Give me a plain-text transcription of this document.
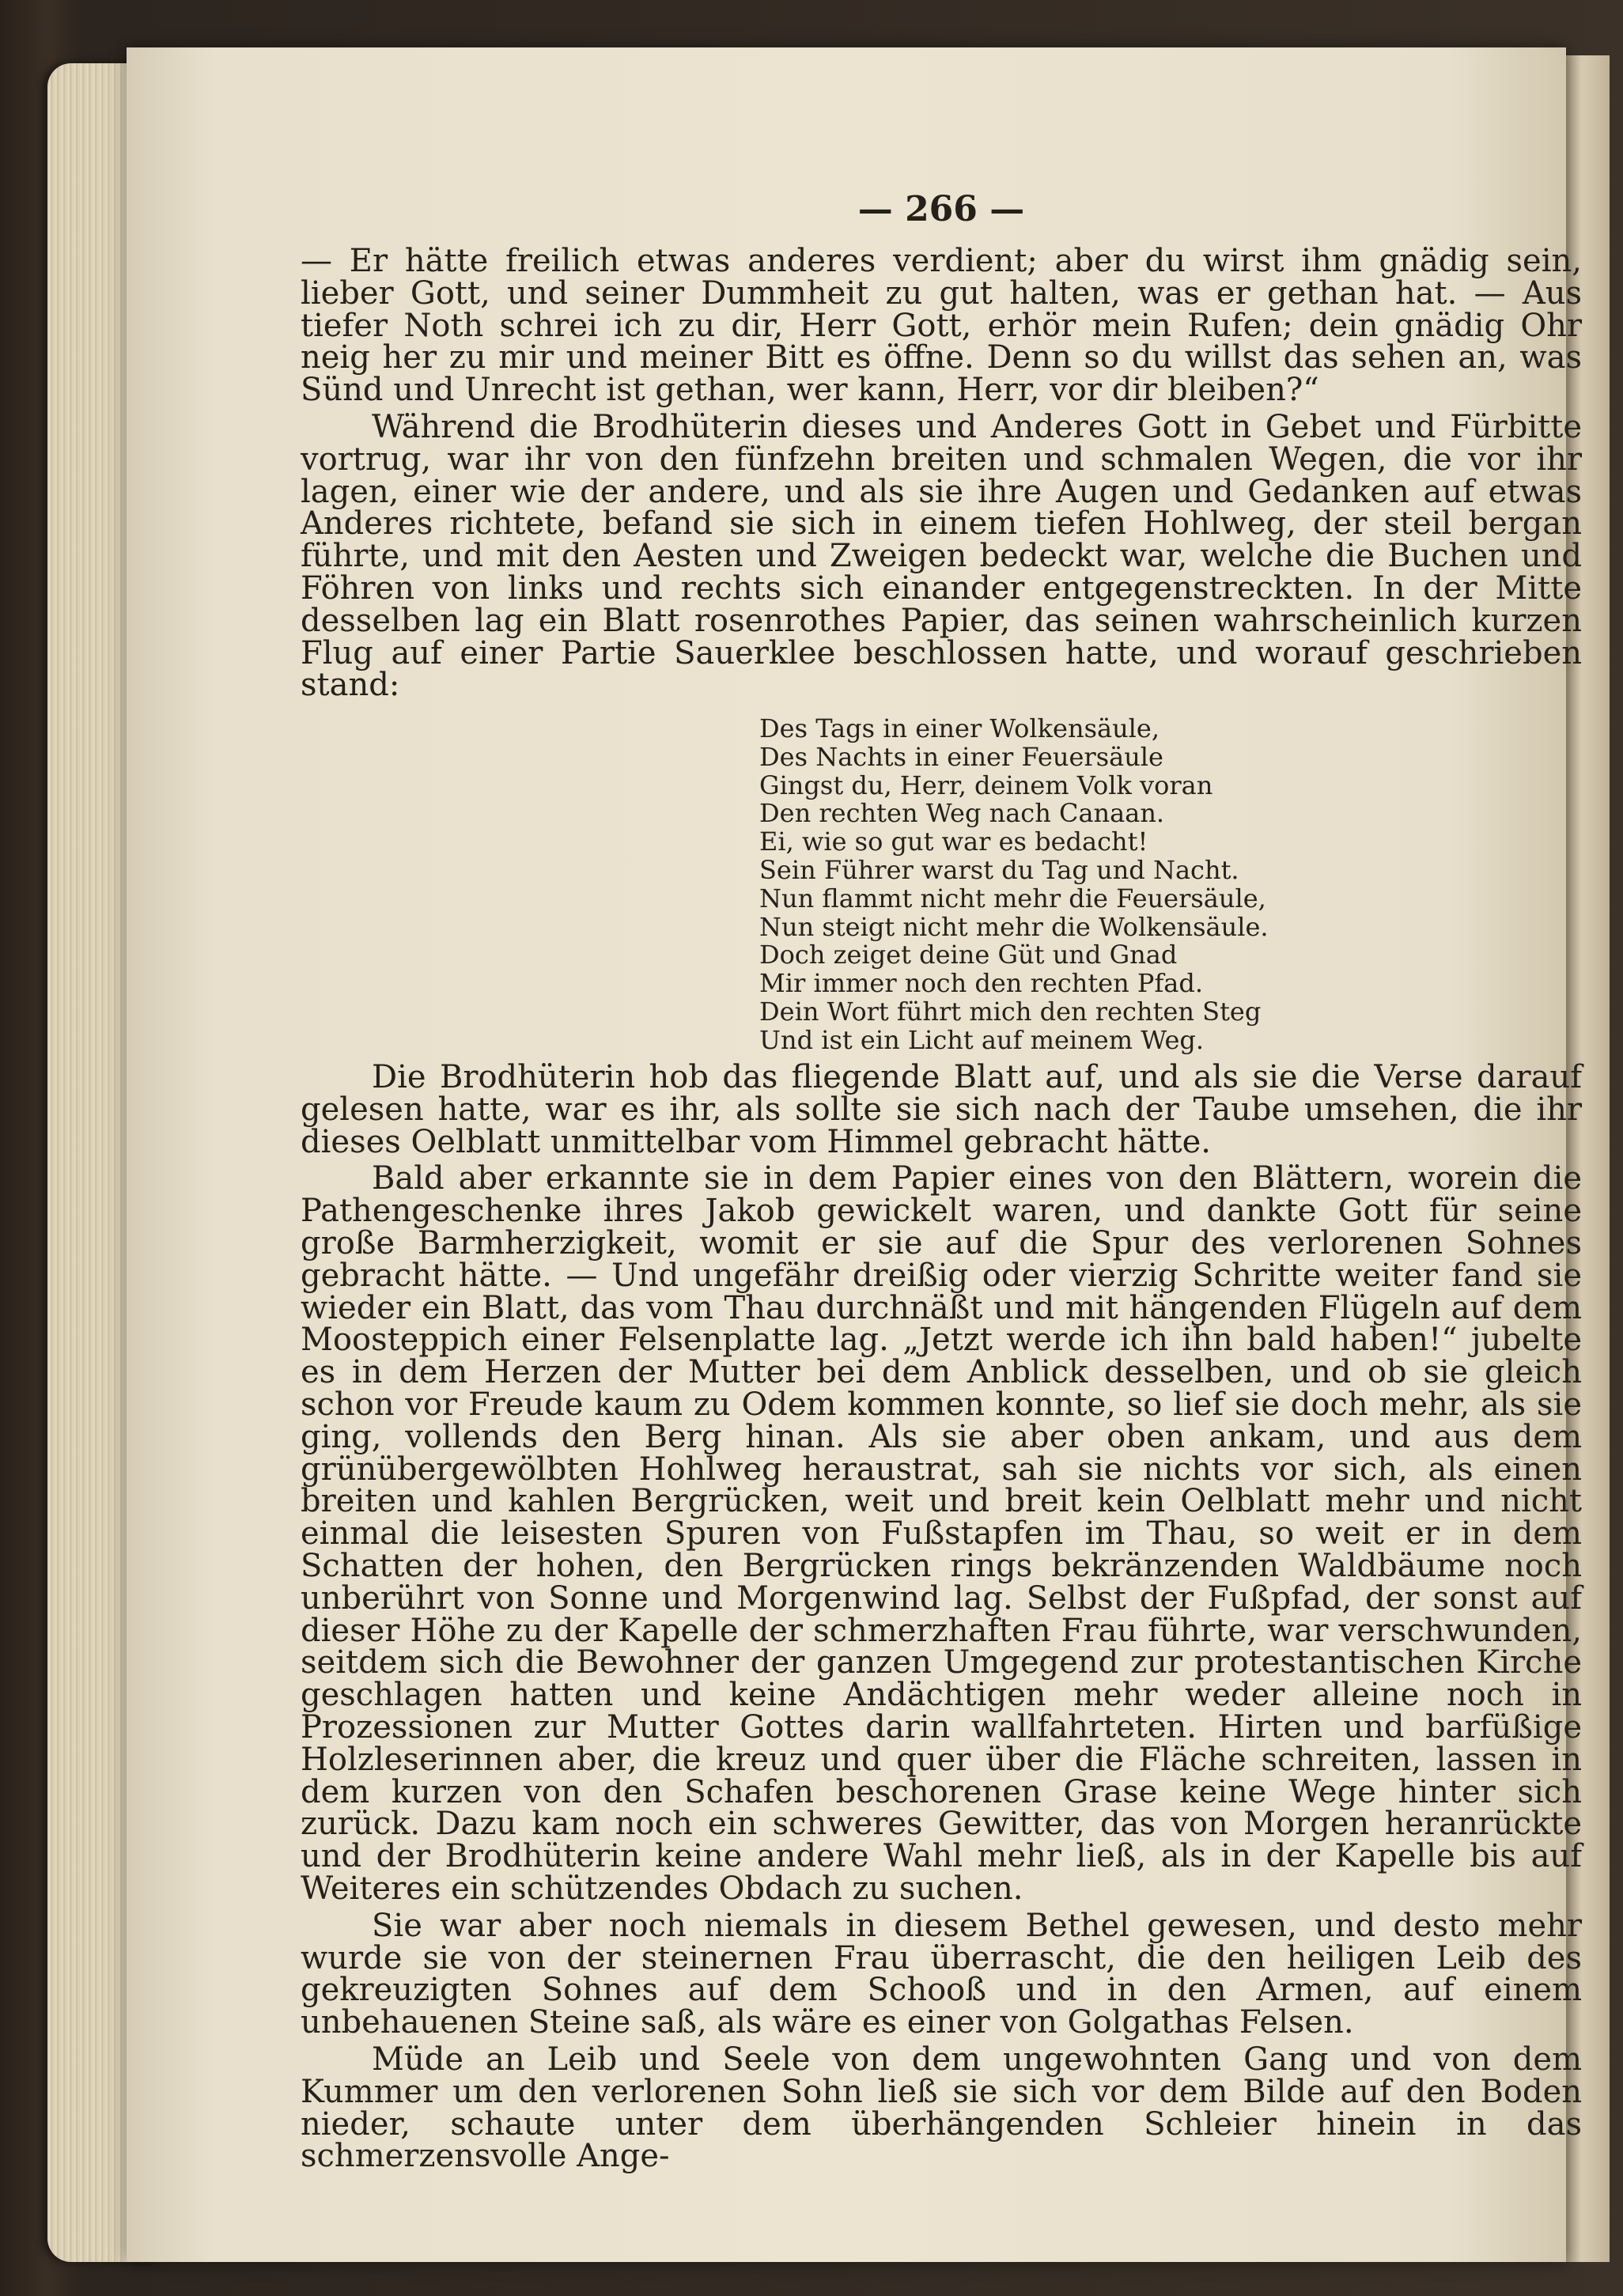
— 266 —

— Er hätte freilich etwas anderes verdient; aber du wirst ihm gnädig sein, lieber Gott, und seiner Dummheit zu gut halten, was er gethan hat. — Aus tiefer Noth schrei ich zu dir, Herr Gott, erhör mein Rufen; dein gnädig Ohr neig her zu mir und meiner Bitt es öffne. Denn so du willst das sehen an, was Sünd und Unrecht ist gethan, wer kann, Herr, vor dir bleiben?“

Während die Brodhüterin dieses und Anderes Gott in Gebet und Fürbitte vortrug, war ihr von den fünfzehn breiten und schmalen Wegen, die vor ihr lagen, einer wie der andere, und als sie ihre Augen und Gedanken auf etwas Anderes richtete, befand sie sich in einem tiefen Hohlweg, der steil bergan führte, und mit den Aesten und Zweigen bedeckt war, welche die Buchen und Föhren von links und rechts sich einander entgegenstreckten. In der Mitte desselben lag ein Blatt rosenrothes Papier, das seinen wahrscheinlich kurzen Flug auf einer Partie Sauerklee beschlossen hatte, und worauf geschrieben stand:

Des Tags in einer Wolkensäule,
Des Nachts in einer Feuersäule
Gingst du, Herr, deinem Volk voran
Den rechten Weg nach Canaan.
Ei, wie so gut war es bedacht!
Sein Führer warst du Tag und Nacht.
Nun flammt nicht mehr die Feuersäule,
Nun steigt nicht mehr die Wolkensäule.
Doch zeiget deine Güt und Gnad
Mir immer noch den rechten Pfad.
Dein Wort führt mich den rechten Steg
Und ist ein Licht auf meinem Weg.

Die Brodhüterin hob das fliegende Blatt auf, und als sie die Verse darauf gelesen hatte, war es ihr, als sollte sie sich nach der Taube umsehen, die ihr dieses Oelblatt unmittelbar vom Himmel gebracht hätte.

Bald aber erkannte sie in dem Papier eines von den Blättern, worein die Pathengeschenke ihres Jakob gewickelt waren, und dankte Gott für seine große Barmherzigkeit, womit er sie auf die Spur des verlorenen Sohnes gebracht hätte. — Und ungefähr dreißig oder vierzig Schritte weiter fand sie wieder ein Blatt, das vom Thau durchnäßt und mit hängenden Flügeln auf dem Moosteppich einer Felsenplatte lag. „Jetzt werde ich ihn bald haben!“ jubelte es in dem Herzen der Mutter bei dem Anblick desselben, und ob sie gleich schon vor Freude kaum zu Odem kommen konnte, so lief sie doch mehr, als sie ging, vollends den Berg hinan. Als sie aber oben ankam, und aus dem grünübergewölbten Hohlweg heraustrat, sah sie nichts vor sich, als einen breiten und kahlen Bergrücken, weit und breit kein Oelblatt mehr und nicht einmal die leisesten Spuren von Fußstapfen im Thau, so weit er in dem Schatten der hohen, den Bergrücken rings bekränzenden Waldbäume noch unberührt von Sonne und Morgenwind lag. Selbst der Fußpfad, der sonst auf dieser Höhe zu der Kapelle der schmerzhaften Frau führte, war verschwunden, seitdem sich die Bewohner der ganzen Umgegend zur protestantischen Kirche geschlagen hatten und keine Andächtigen mehr weder alleine noch in Prozessionen zur Mutter Gottes darin wallfahrteten. Hirten und barfüßige Holzleserinnen aber, die kreuz und quer über die Fläche schreiten, lassen in dem kurzen von den Schafen beschorenen Grase keine Wege hinter sich zurück. Dazu kam noch ein schweres Gewitter, das von Morgen heranrückte und der Brodhüterin keine andere Wahl mehr ließ, als in der Kapelle bis auf Weiteres ein schützendes Obdach zu suchen.

Sie war aber noch niemals in diesem Bethel gewesen, und desto mehr wurde sie von der steinernen Frau überrascht, die den heiligen Leib des gekreuzigten Sohnes auf dem Schooß und in den Armen, auf einem unbehauenen Steine saß, als wäre es einer von Golgathas Felsen.

Müde an Leib und Seele von dem ungewohnten Gang und von dem Kummer um den verlorenen Sohn ließ sie sich vor dem Bilde auf den Boden nieder, schaute unter dem überhängenden Schleier hinein in das schmerzensvolle Ange-
